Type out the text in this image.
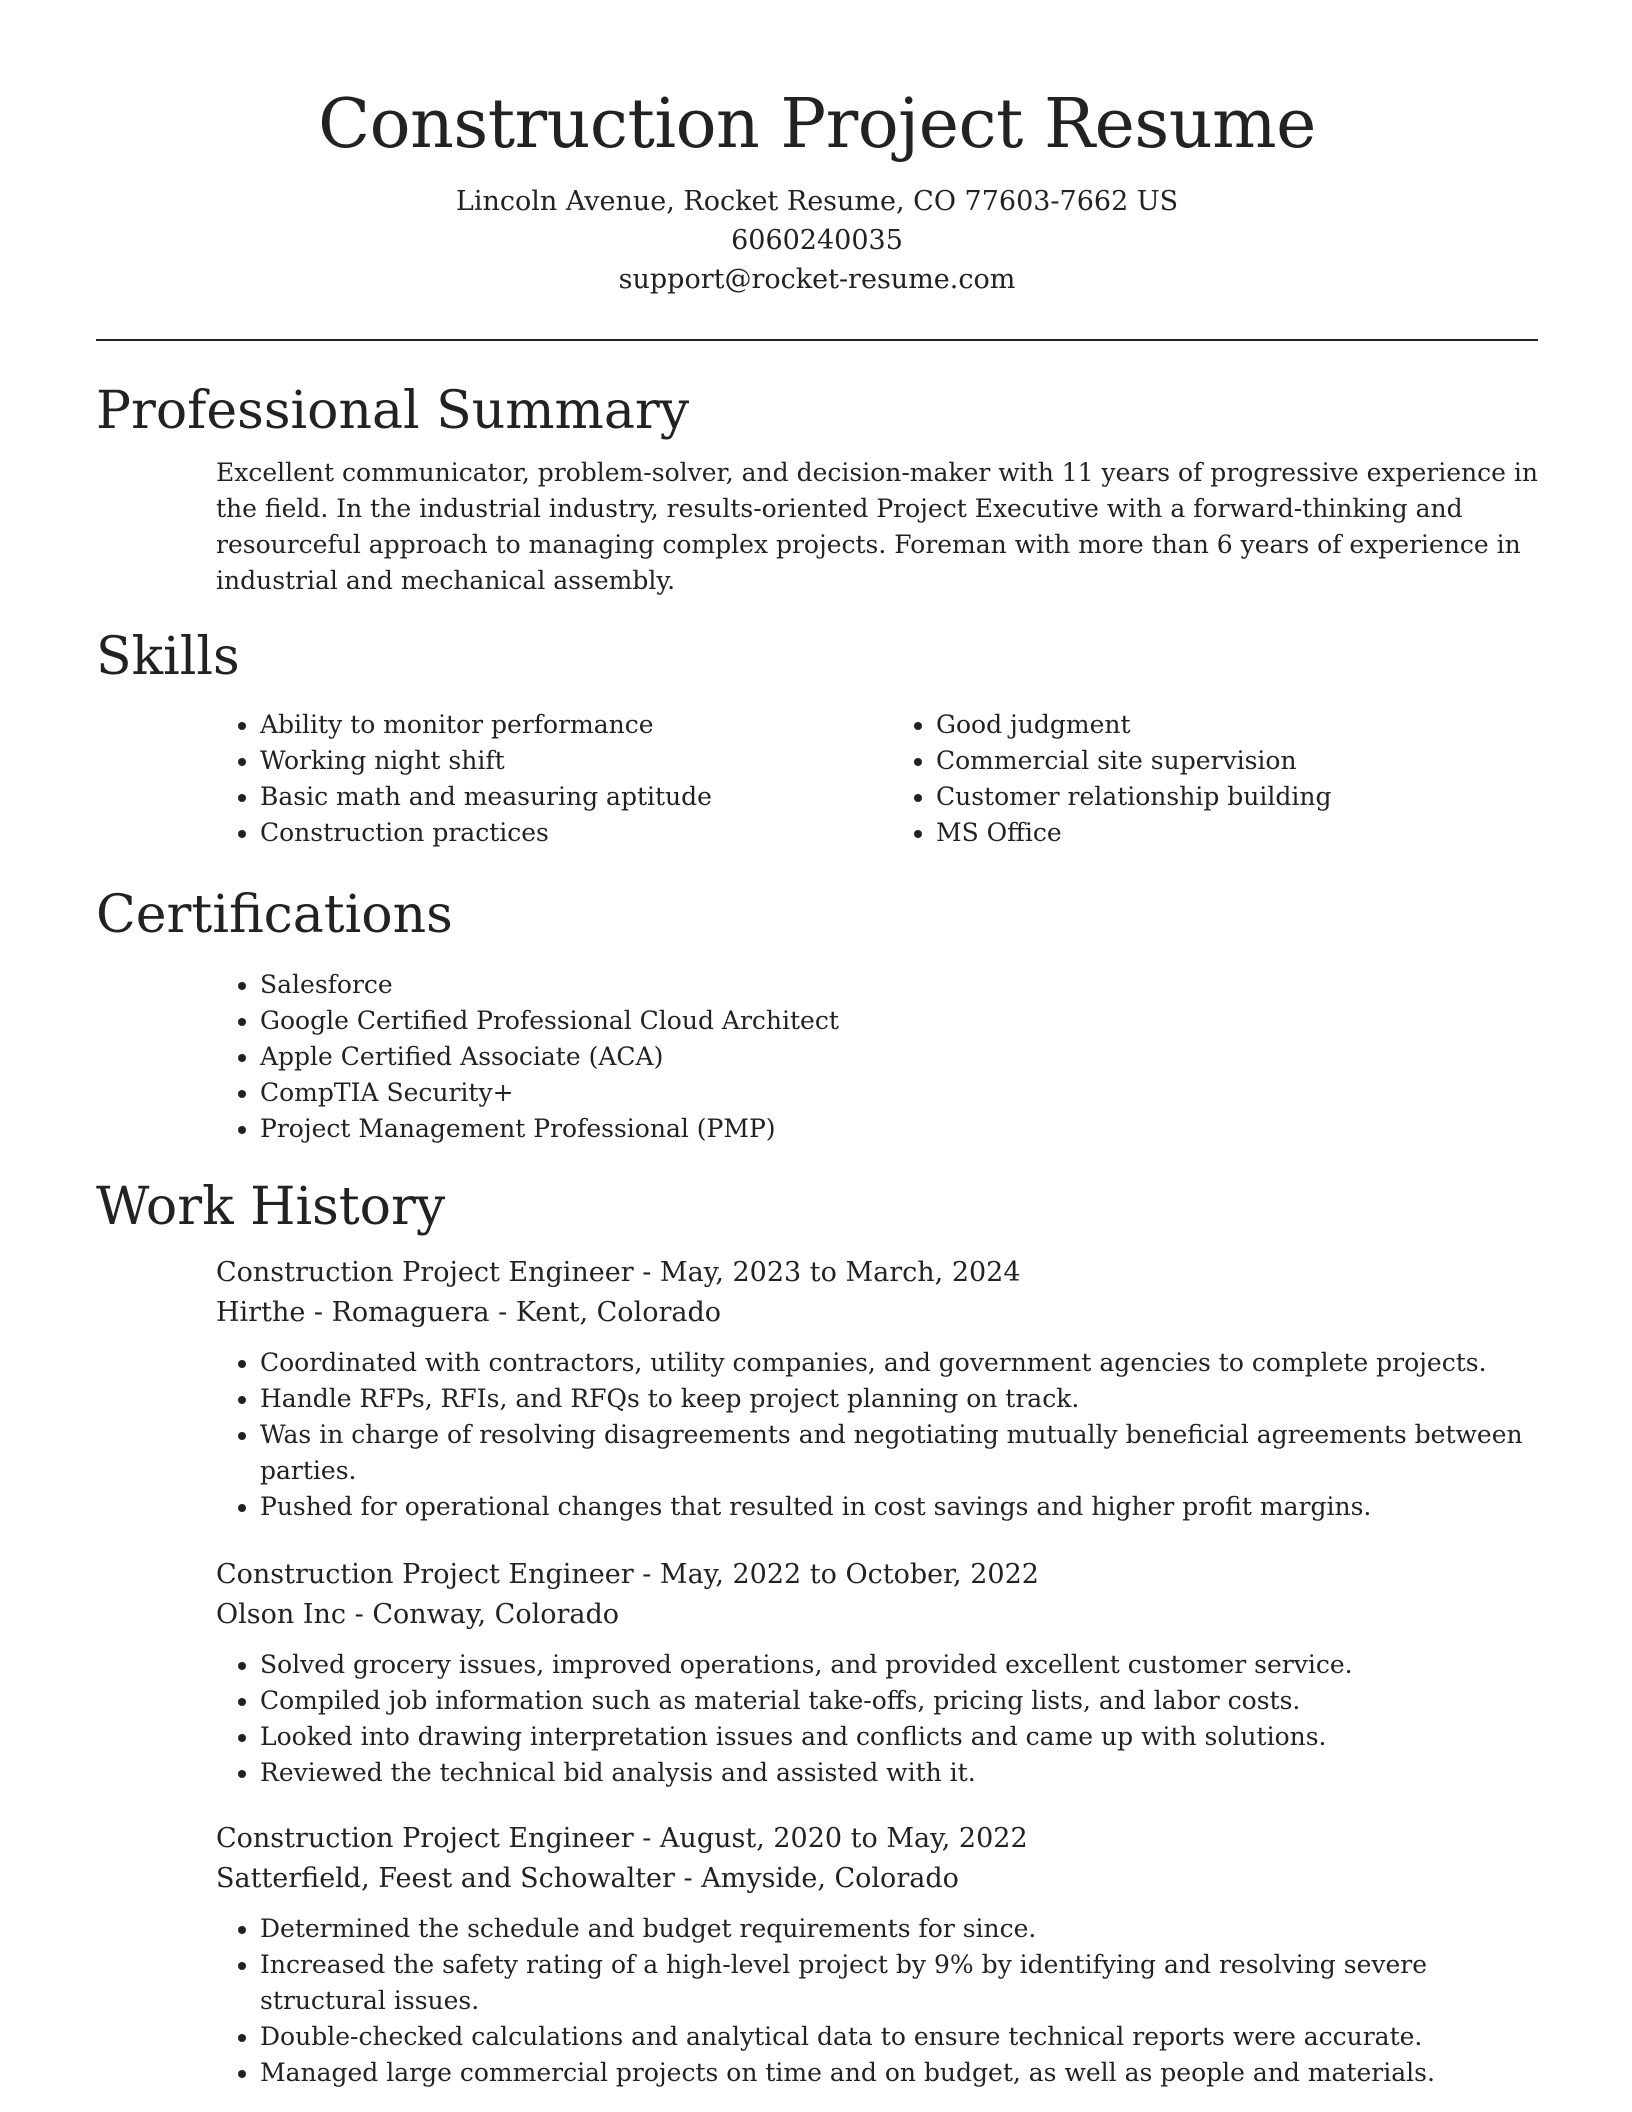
Construction Project Resume
Lincoln Avenue, Rocket Resume, CO 77603-7662 US
6060240035
support@rocket-resume.com
Professional Summary

Excellent communicator, problem-solver, and decision-maker with 11 years of progressive experience in the field. In the industrial industry, results-oriented Project Executive with a forward-thinking and resourceful approach to managing complex projects. Foreman with more than 6 years of experience in industrial and mechanical assembly.

Skills
• Ability to monitor performance
• Working night shift
• Basic math and measuring aptitude
• Construction practices
• Good judgment
• Commercial site supervision
• Customer relationship building
• MS Office
Certifications
• Salesforce
• Google Certified Professional Cloud Architect
• Apple Certified Associate (ACA)
• CompTIA Security+
• Project Management Professional (PMP)
Work History
Construction Project Engineer - May, 2023 to March, 2024
Hirthe - Romaguera - Kent, Colorado
• Coordinated with contractors, utility companies, and government agencies to complete projects.
• Handle RFPs, RFIs, and RFQs to keep project planning on track.
• Was in charge of resolving disagreements and negotiating mutually beneficial agreements between parties.
• Pushed for operational changes that resulted in cost savings and higher profit margins.
Construction Project Engineer - May, 2022 to October, 2022
Olson Inc - Conway, Colorado
• Solved grocery issues, improved operations, and provided excellent customer service.
• Compiled job information such as material take-offs, pricing lists, and labor costs.
• Looked into drawing interpretation issues and conflicts and came up with solutions.
• Reviewed the technical bid analysis and assisted with it.
Construction Project Engineer - August, 2020 to May, 2022
Satterfield, Feest and Schowalter - Amyside, Colorado
• Determined the schedule and budget requirements for since.
• Increased the safety rating of a high-level project by 9% by identifying and resolving severe structural issues.
• Double-checked calculations and analytical data to ensure technical reports were accurate.
• Managed large commercial projects on time and on budget, as well as people and materials.
